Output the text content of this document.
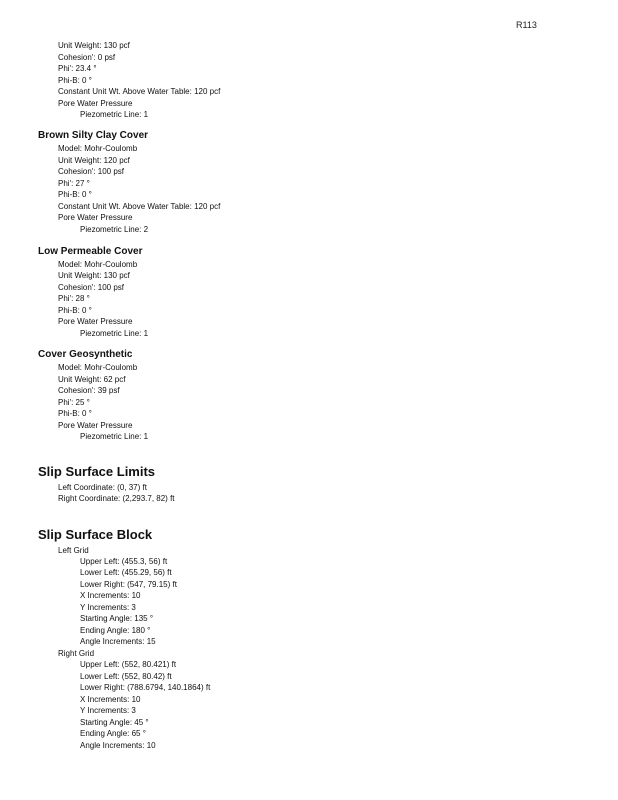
R113
Unit Weight: 130 pcf
Cohesion': 0 psf
Phi': 23.4 °
Phi-B: 0 °
Constant Unit Wt. Above Water Table: 120 pcf
Pore Water Pressure
Piezometric Line: 1
Brown Silty Clay Cover
Model: Mohr-Coulomb
Unit Weight: 120 pcf
Cohesion': 100 psf
Phi': 27 °
Phi-B: 0 °
Constant Unit Wt. Above Water Table: 120 pcf
Pore Water Pressure
Piezometric Line: 2
Low Permeable Cover
Model: Mohr-Coulomb
Unit Weight: 130 pcf
Cohesion': 100 psf
Phi': 28 °
Phi-B: 0 °
Pore Water Pressure
Piezometric Line: 1
Cover Geosynthetic
Model: Mohr-Coulomb
Unit Weight: 62 pcf
Cohesion': 39 psf
Phi': 25 °
Phi-B: 0 °
Pore Water Pressure
Piezometric Line: 1
Slip Surface Limits
Left Coordinate: (0, 37) ft
Right Coordinate: (2,293.7, 82) ft
Slip Surface Block
Left Grid
Upper Left: (455.3, 56) ft
Lower Left: (455.29, 56) ft
Lower Right: (547, 79.15) ft
X Increments: 10
Y Increments: 3
Starting Angle: 135 °
Ending Angle: 180 °
Angle Increments: 15
Right Grid
Upper Left: (552, 80.421) ft
Lower Left: (552, 80.42) ft
Lower Right: (788.6794, 140.1864) ft
X Increments: 10
Y Increments: 3
Starting Angle: 45 °
Ending Angle: 65 °
Angle Increments: 10
